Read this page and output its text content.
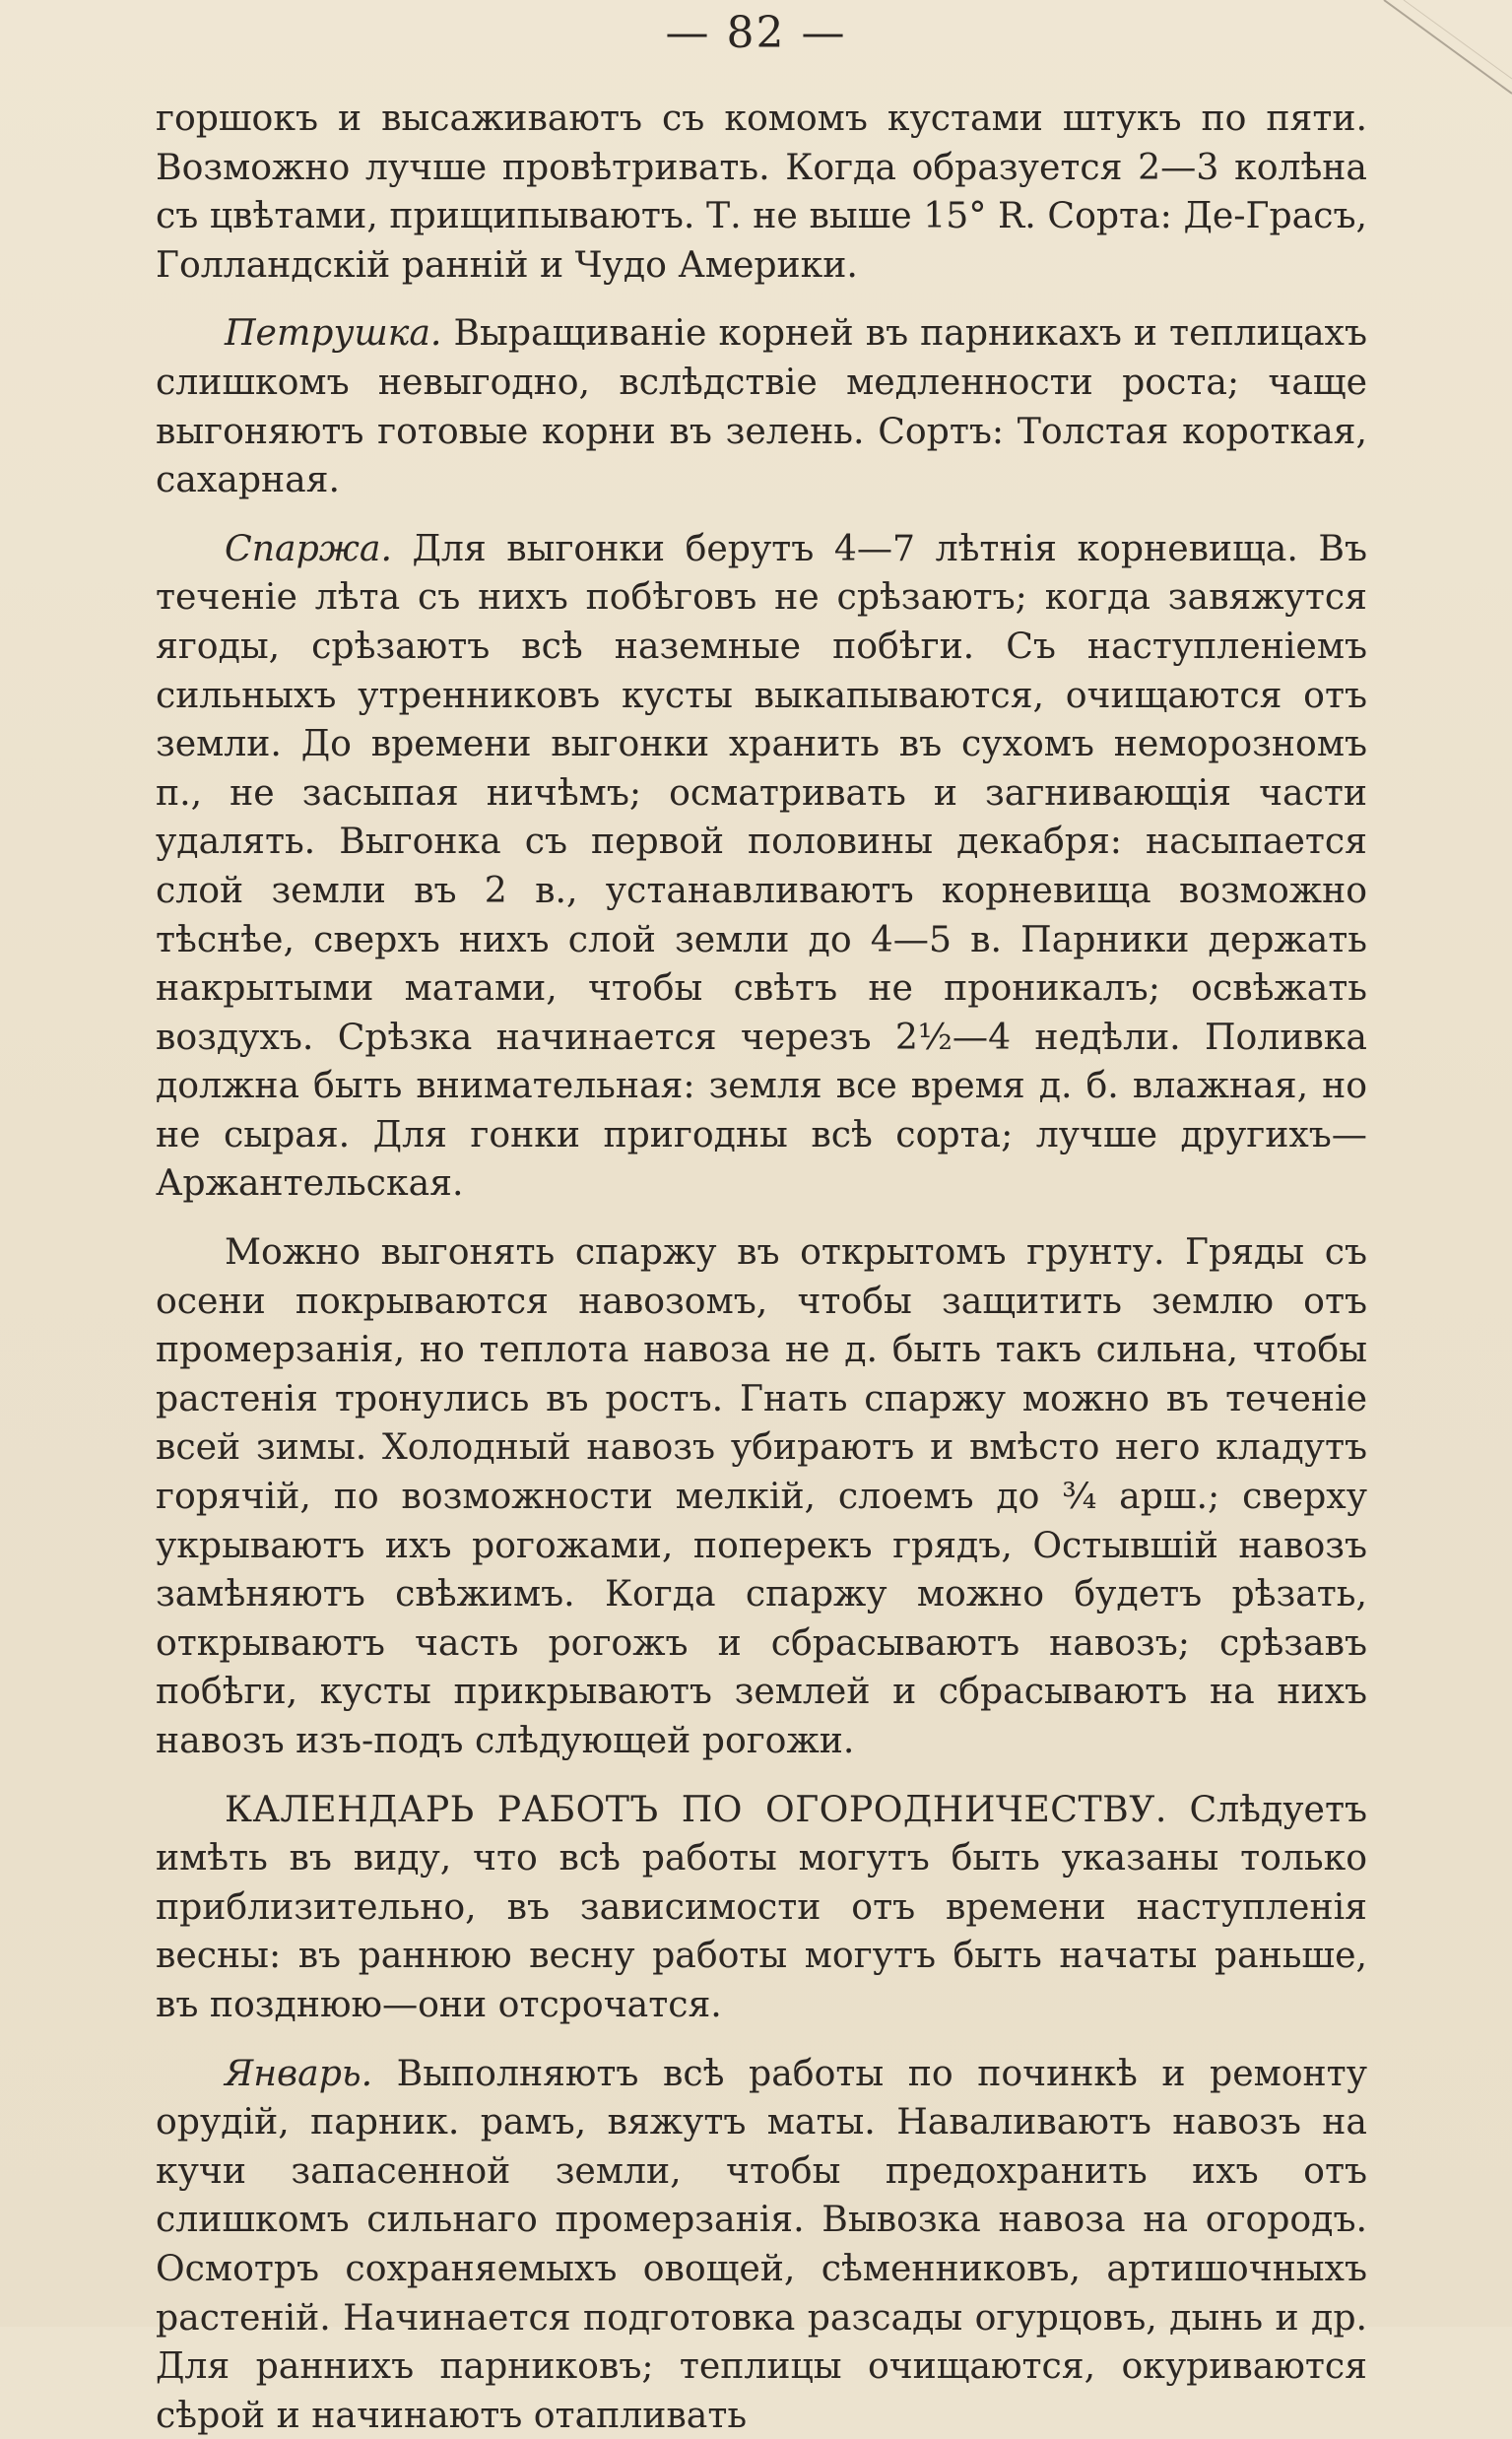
— 82 —

горшокъ и высаживаютъ съ комомъ кустами штукъ по пяти. Возможно лучше провѣтривать. Когда образуется 2—3 колѣна съ цвѣтами, прищипываютъ. Т. не выше 15° R. Сорта: Де-Грасъ, Голландскій ранній и Чудо Америки.

Петрушка. Выращиваніе корней въ парникахъ и теплицахъ слишкомъ невыгодно, вслѣдствіе медленности роста; чаще выгоняютъ готовые корни въ зелень. Сортъ: Толстая короткая, сахарная.

Спаржа. Для выгонки берутъ 4—7 лѣтнія корневища. Въ теченіе лѣта съ нихъ побѣговъ не срѣзаютъ; когда завяжутся ягоды, срѣзаютъ всѣ наземные побѣги. Съ наступленіемъ сильныхъ утренниковъ кусты выкапываются, очищаются отъ земли. До времени выгонки хранить въ сухомъ неморозномъ п., не засыпая ничѣмъ; осматривать и загнивающія части удалять. Выгонка съ первой половины декабря: насыпается слой земли въ 2 в., устанавливаютъ корневища возможно тѣснѣе, сверхъ нихъ слой земли до 4—5 в. Парники держать накрытыми матами, чтобы свѣтъ не проникалъ; освѣжать воздухъ. Срѣзка начинается черезъ 2½—4 недѣли. Поливка должна быть внимательная: земля все время д. б. влажная, но не сырая. Для гонки пригодны всѣ сорта; лучше другихъ—Аржантельская.

Можно выгонять спаржу въ открытомъ грунту. Гряды съ осени покрываются навозомъ, чтобы защитить землю отъ промерзанія, но теплота навоза не д. быть такъ сильна, чтобы растенія тронулись въ ростъ. Гнать спаржу можно въ теченіе всей зимы. Холодный навозъ убираютъ и вмѣсто него кладутъ горячій, по возможности мелкій, слоемъ до ¾ арш.; сверху укрываютъ ихъ рогожами, поперекъ грядъ, Остывшій навозъ замѣняютъ свѣжимъ. Когда спаржу можно будетъ рѣзать, открываютъ часть рогожъ и сбрасываютъ навозъ; срѣзавъ побѣги, кусты прикрываютъ землей и сбрасываютъ на нихъ навозъ изъ-подъ слѣдующей рогожи.

КАЛЕНДАРЬ РАБОТЪ ПО ОГОРОДНИЧЕСТВУ. Слѣдуетъ имѣть въ виду, что всѣ работы могутъ быть указаны только приблизительно, въ зависимости отъ времени наступленія весны: въ раннюю весну работы могутъ быть начаты раньше, въ позднюю—они отсрочатся.

Январь. Выполняютъ всѣ работы по починкѣ и ремонту орудій, парник. рамъ, вяжутъ маты. Наваливаютъ навозъ на кучи запасенной земли, чтобы предохранить ихъ отъ слишкомъ сильнаго промерзанія. Вывозка навоза на огородъ. Осмотръ сохраняемыхъ овощей, сѣменниковъ, артишочныхъ растеній. Начинается подготовка разсады огурцовъ, дынь и др. Для раннихъ парниковъ; теплицы очищаются, окуриваются сѣрой и начинаютъ отапливать
